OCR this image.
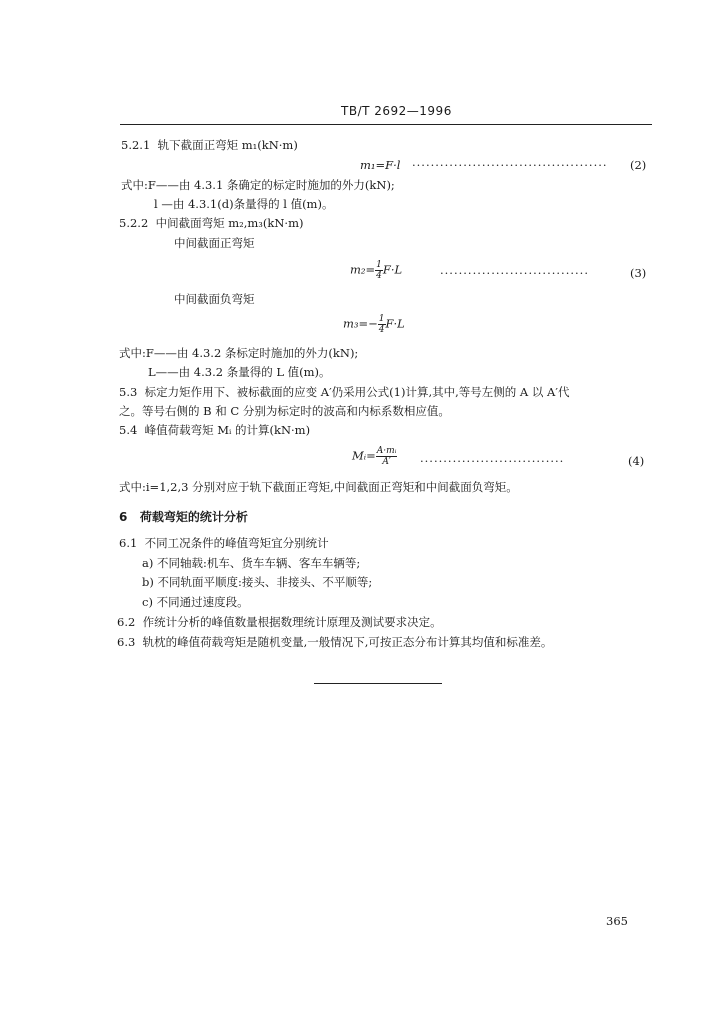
TB/T 2692—1996
5.2.1 轨下截面正弯矩 m₁(kN·m)
m₁=F·l ·········································· (2)
式中:F——由 4.3.1 条确定的标定时施加的外力(kN);
l —由 4.3.1(d)条量得的 l 值(m)。
5.2.2 中间截面弯矩 m₂,m₃(kN·m)
中间截面正弯矩
$m_2= \frac{1}{4} F\cdot L$	································	(3)
中间截面负弯矩
$m_3=- \frac{1}{4} F\cdot L$
式中:F——由 4.3.2 条标定时施加的外力(kN);
L——由 4.3.2 条量得的 L 值(m)。
5.3 标定力矩作用下、被标截面的应变 A′仍采用公式(1)计算,其中,等号左侧的 A 以 A′代
之。等号右侧的 B 和 C 分别为标定时的波高和内标系数相应值。
5.4 峰值荷载弯矩 Mᵢ 的计算(kN·m)
Mᵢ= $\frac{\text{A·mᵢ}}{A'}$ ·······························	(4)
式中:i=1,2,3 分别对应于轨下截面正弯矩,中间截面正弯矩和中间截面负弯矩。
6 荷载弯矩的统计分析
6.1 不同工况条件的峰值弯矩宜分别统计
a) 不同轴载:机车、货车车辆、客车车辆等;
b) 不同轨面平顺度:接头、非接头、不平顺等;
c) 不同通过速度段。
6.2 作统计分析的峰值数量根据数理统计原理及测试要求决定。
6.3 轨枕的峰值荷载弯矩是随机变量,一般情况下,可按正态分布计算其均值和标准差。
365
